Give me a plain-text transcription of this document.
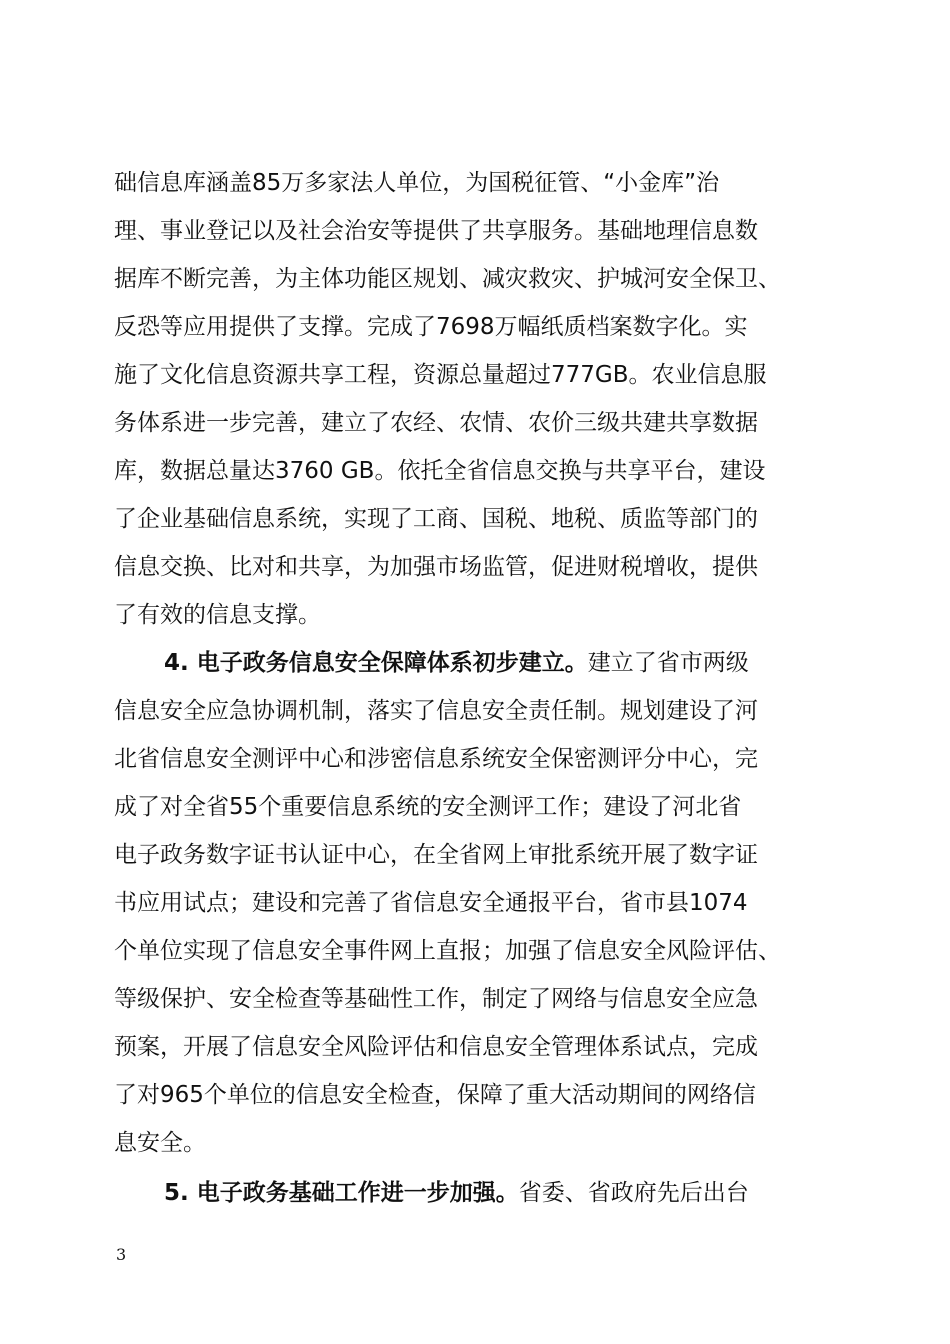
础信息库涵盖85万多家法人单位，为国税征管、“小金库”治
理、事业登记以及社会治安等提供了共享服务。基础地理信息数
据库不断完善，为主体功能区规划、减灾救灾、护城河安全保卫、
反恐等应用提供了支撑。完成了7698万幅纸质档案数字化。实
施了文化信息资源共享工程，资源总量超过777GB。农业信息服
务体系进一步完善，建立了农经、农情、农价三级共建共享数据
库，数据总量达3760 GB。依托全省信息交换与共享平台，建设
了企业基础信息系统，实现了工商、国税、地税、质监等部门的
信息交换、比对和共享，为加强市场监管，促进财税增收，提供
了有效的信息支撑。
4. 电子政务信息安全保障体系初步建立。建立了省市两级
信息安全应急协调机制，落实了信息安全责任制。规划建设了河
北省信息安全测评中心和涉密信息系统安全保密测评分中心，完
成了对全省55个重要信息系统的安全测评工作；建设了河北省
电子政务数字证书认证中心，在全省网上审批系统开展了数字证
书应用试点；建设和完善了省信息安全通报平台，省市县1074
个单位实现了信息安全事件网上直报；加强了信息安全风险评估、
等级保护、安全检查等基础性工作，制定了网络与信息安全应急
预案，开展了信息安全风险评估和信息安全管理体系试点，完成
了对965个单位的信息安全检查，保障了重大活动期间的网络信
息安全。
5. 电子政务基础工作进一步加强。省委、省政府先后出台
3
